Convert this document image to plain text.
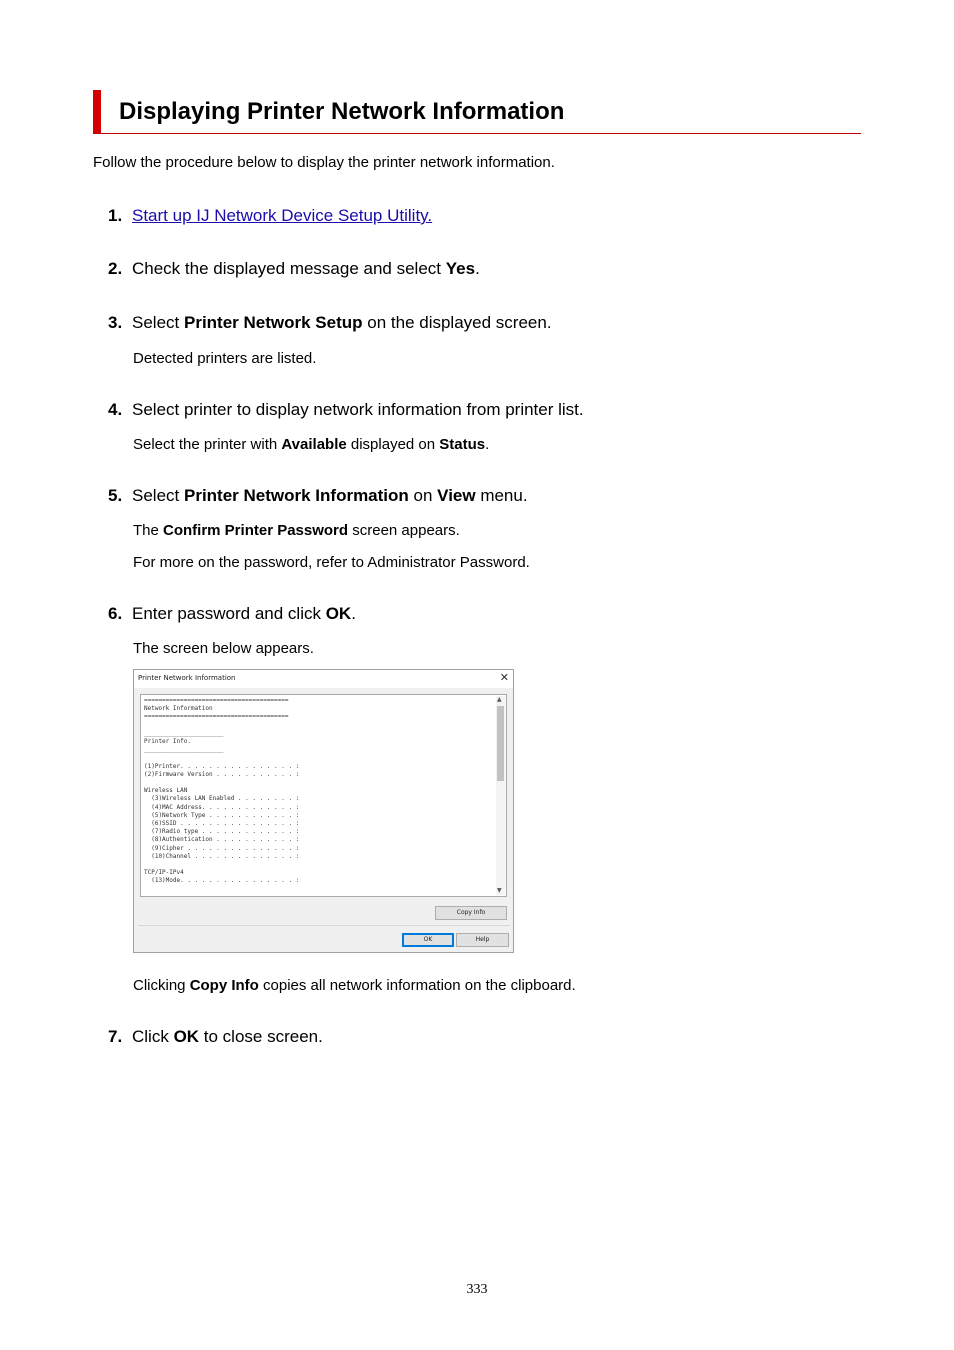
Displaying Printer Network Information

Follow the procedure below to display the printer network information.

1. Start up IJ Network Device Setup Utility.
2. Check the displayed message and select Yes.
3. Select Printer Network Setup on the displayed screen.
Detected printers are listed.
4. Select printer to display network information from printer list.
Select the printer with Available displayed on Status.
5. Select Printer Network Information on View menu.
The Confirm Printer Password screen appears.
For more on the password, refer to Administrator Password.
6. Enter password and click OK.
The screen below appears.
Printer Network Information	✕
========================================
Network Information
========================================

______________________
Printer Info.
______________________

(1)Printer. . . . . . . . . . . . . . . . :
(2)Firmware Version . . . . . . . . . . . :

Wireless LAN
(3)Wireless LAN Enabled . . . . . . . . :
(4)MAC Address. . . . . . . . . . . . . :
(5)Network Type . . . . . . . . . . . . :
(6)SSID . . . . . . . . . . . . . . . . :
(7)Radio type . . . . . . . . . . . . . :
(8)Authentication . . . . . . . . . . . :
(9)Cipher . . . . . . . . . . . . . . . :
(10)Channel . . . . . . . . . . . . . . :

TCP/IP-IPv4
(13)Mode. . . . . . . . . . . . . . . . :
▲
▼
Copy Info
OK	Help
Clicking Copy Info copies all network information on the clipboard.
7. Click OK to close screen.
333
